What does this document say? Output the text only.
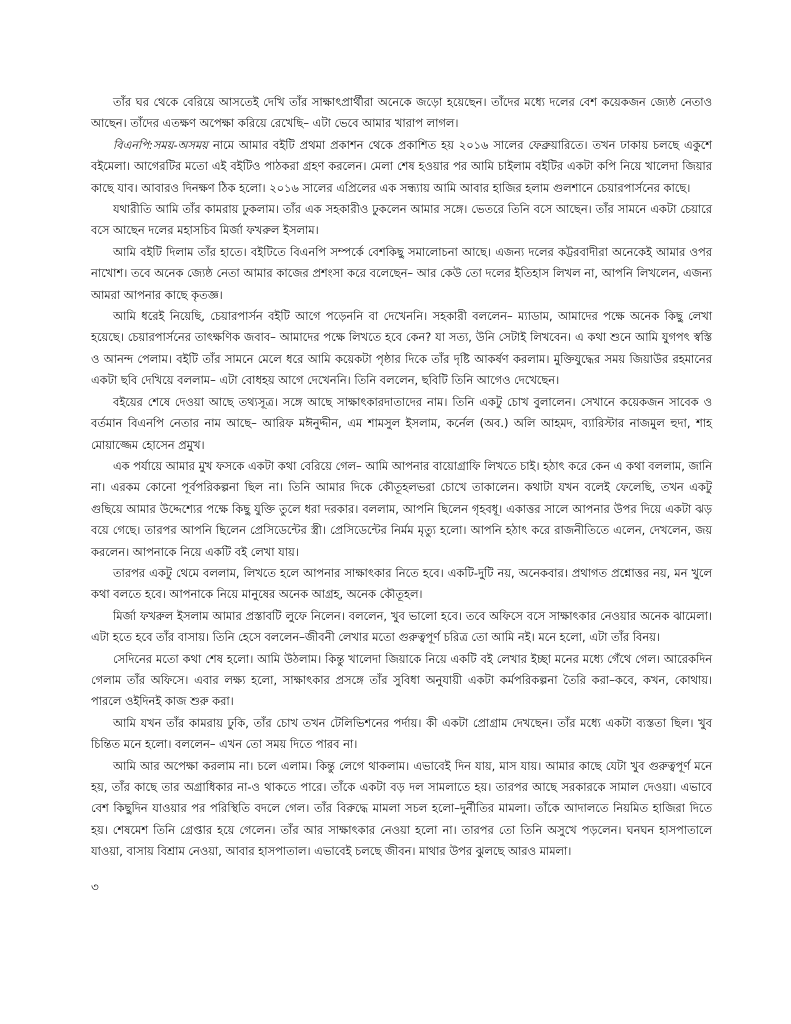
তাঁর ঘর থেকে বেরিয়ে আসতেই দেখি তাঁর সাক্ষাৎপ্রার্থীরা অনেকে জড়ো হয়েছেন। তাঁদের মধ্যে দলের বেশ কয়েকজন জ্যেষ্ঠ নেতাও আছেন। তাঁদের এতক্ষণ অপেক্ষা করিয়ে রেখেছি– এটা ভেবে আমার খারাপ লাগল।

বিএনপি:সময়-অসময় নামে আমার বইটি প্রথমা প্রকাশন থেকে প্রকাশিত হয় ২০১৬ সালের ফেব্রুয়ারিতে। তখন ঢাকায় চলছে একুশে বইমেলা। আগেরটির মতো এই বইটিও পাঠকরা গ্রহণ করলেন। মেলা শেষ হওয়ার পর আমি চাইলাম বইটির একটা কপি নিয়ে খালেদা জিয়ার কাছে যাব। আবারও দিনক্ষণ ঠিক হলো। ২০১৬ সালের এপ্রিলের এক সন্ধ্যায় আমি আবার হাজির হলাম গুলশানে চেয়ারপার্সনের কাছে।

যথারীতি আমি তাঁর কামরায় ঢুকলাম। তাঁর এক সহকারীও ঢুকলেন আমার সঙ্গে। ভেতরে তিনি বসে আছেন। তাঁর সামনে একটা চেয়ারে বসে আছেন দলের মহাসচিব মির্জা ফখরুল ইসলাম।

আমি বইটি দিলাম তাঁর হাতে। বইটিতে বিএনপি সম্পর্কে বেশকিছু সমালোচনা আছে। এজন্য দলের কট্টরবাদীরা অনেকেই আমার ওপর নাখোশ। তবে অনেক জ্যেষ্ঠ নেতা আমার কাজের প্রশংসা করে বলেছেন– আর কেউ তো দলের ইতিহাস লিখল না, আপনি লিখলেন, এজন্য আমরা আপনার কাছে কৃতজ্ঞ।

আমি ধরেই নিয়েছি, চেয়ারপার্সন বইটি আগে পড়েননি বা দেখেননি। সহকারী বললেন– ম্যাডাম, আমাদের পক্ষে অনেক কিছু লেখা হয়েছে। চেয়ারপার্সনের তাৎক্ষণিক জবাব– আমাদের পক্ষে লিখতে হবে কেন? যা সত্য, উনি সেটাই লিখবেন। এ কথা শুনে আমি যুগপৎ স্বস্তি ও আনন্দ পেলাম। বইটি তাঁর সামনে মেলে ধরে আমি কয়েকটা পৃষ্ঠার দিকে তাঁর দৃষ্টি আকর্ষণ করলাম। মুক্তিযুদ্ধের সময় জিয়াউর রহমানের একটা ছবি দেখিয়ে বললাম– এটা বোধহয় আগে দেখেননি। তিনি বললেন, ছবিটি তিনি আগেও দেখেছেন।

বইয়ের শেষে দেওয়া আছে তথ্যসূত্র। সঙ্গে আছে সাক্ষাৎকারদাতাদের নাম। তিনি একটু চোখ বুলালেন। সেখানে কয়েকজন সাবেক ও বর্তমান বিএনপি নেতার নাম আছে– আরিফ মঈনুদ্দীন, এম শামসুল ইসলাম, কর্নেল (অব.) অলি আহমদ, ব্যারিস্টার নাজমুল হুদা, শাহ মোয়াজ্জেম হোসেন প্রমুখ।

এক পর্যায়ে আমার মুখ ফসকে একটা কথা বেরিয়ে গেল– আমি আপনার বায়োগ্রাফি লিখতে চাই। হঠাৎ করে কেন এ কথা বললাম, জানি না। এরকম কোনো পূর্বপরিকল্পনা ছিল না। তিনি আমার দিকে কৌতূহলভরা চোখে তাকালেন। কথাটা যখন বলেই ফেলেছি, তখন একটু গুছিয়ে আমার উদ্দেশ্যের পক্ষে কিছু যুক্তি তুলে ধরা দরকার। বললাম, আপনি ছিলেন গৃহবধূ। একাত্তর সালে আপনার উপর দিয়ে একটা ঝড় বয়ে গেছে। তারপর আপনি ছিলেন প্রেসিডেন্টের স্ত্রী। প্রেসিডেন্টের নির্মম মৃত্যু হলো। আপনি হঠাৎ করে রাজনীতিতে এলেন, দেখলেন, জয় করলেন। আপনাকে নিয়ে একটি বই লেখা যায়।

তারপর একটু থেমে বললাম, লিখতে হলে আপনার সাক্ষাৎকার নিতে হবে। একটি-দুটি নয়, অনেকবার। প্রথাগত প্রশ্নোত্তর নয়, মন খুলে কথা বলতে হবে। আপনাকে নিয়ে মানুষের অনেক আগ্রহ, অনেক কৌতূহল।

মির্জা ফখরুল ইসলাম আমার প্রস্তাবটি লুফে নিলেন। বললেন, খুব ভালো হবে। তবে অফিসে বসে সাক্ষাৎকার নেওয়ার অনেক ঝামেলা। এটা হতে হবে তাঁর বাসায়। তিনি হেসে বললেন–জীবনী লেখার মতো গুরুত্বপূর্ণ চরিত্র তো আমি নই। মনে হলো, এটা তাঁর বিনয়।

সেদিনের মতো কথা শেষ হলো। আমি উঠলাম। কিন্তু খালেদা জিয়াকে নিয়ে একটি বই লেখার ইচ্ছা মনের মধ্যে গেঁথে গেল। আরেকদিন গেলাম তাঁর অফিসে। এবার লক্ষ্য হলো, সাক্ষাৎকার প্রসঙ্গে তাঁর সুবিধা অনুযায়ী একটা কর্মপরিকল্পনা তৈরি করা–কবে, কখন, কোথায়। পারলে ওইদিনই কাজ শুরু করা।

আমি যখন তাঁর কামরায় ঢুকি, তাঁর চোখ তখন টেলিভিশনের পর্দায়। কী একটা প্রোগ্রাম দেখছেন। তাঁর মধ্যে একটা ব্যস্ততা ছিল। খুব চিন্তিত মনে হলো। বললেন– এখন তো সময় দিতে পারব না।

আমি আর অপেক্ষা করলাম না। চলে এলাম। কিন্তু লেগে থাকলাম। এভাবেই দিন যায়, মাস যায়। আমার কাছে যেটা খুব গুরুত্বপূর্ণ মনে হয়, তাঁর কাছে তার অগ্রাধিকার না-ও থাকতে পারে। তাঁকে একটা বড় দল সামলাতে হয়। তারপর আছে সরকারকে সামাল দেওয়া। এভাবে বেশ কিছুদিন যাওয়ার পর পরিস্থিতি বদলে গেল। তাঁর বিরুদ্ধে মামলা সচল হলো–দুর্নীতির মামলা। তাঁকে আদালতে নিয়মিত হাজিরা দিতে হয়। শেষমেশ তিনি গ্রেপ্তার হয়ে গেলেন। তাঁর আর সাক্ষাৎকার নেওয়া হলো না। তারপর তো তিনি অসুখে পড়লেন। ঘনঘন হাসপাতালে যাওয়া, বাসায় বিশ্রাম নেওয়া, আবার হাসপাতাল। এভাবেই চলছে জীবন। মাথার উপর ঝুলছে আরও মামলা।

৩
